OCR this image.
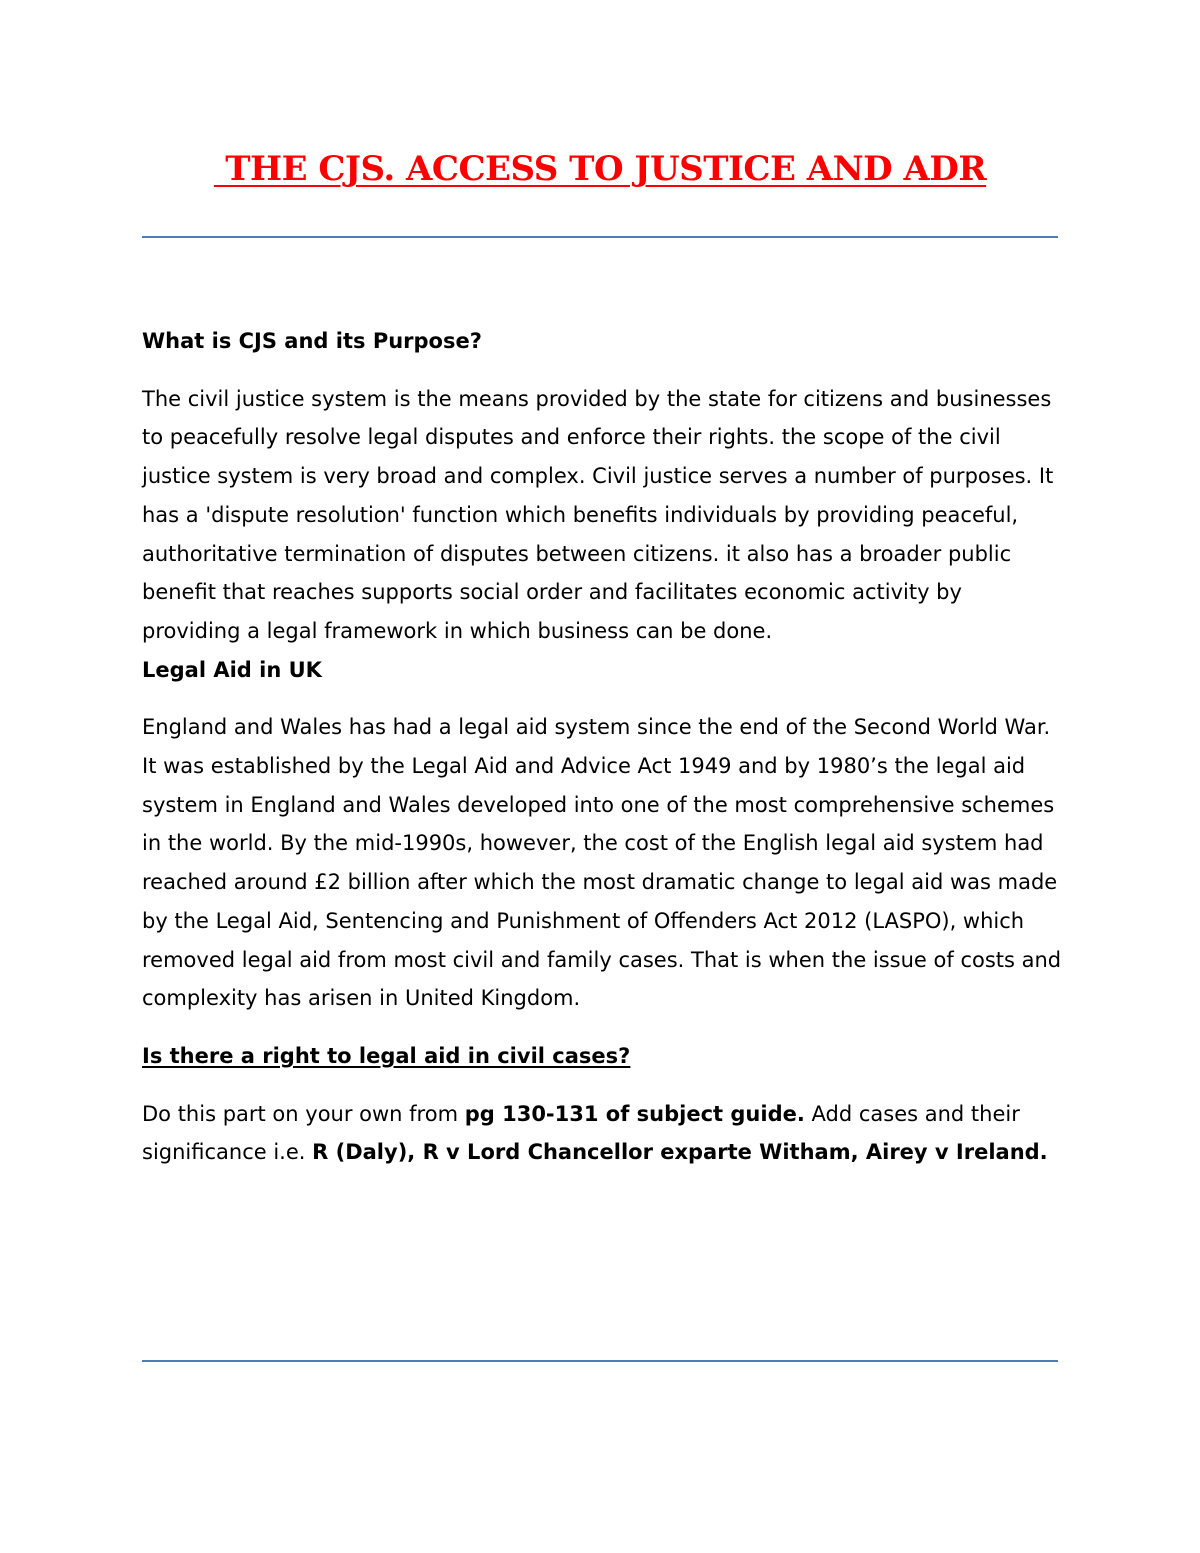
THE CJS. ACCESS TO JUSTICE AND ADR

What is CJS and its Purpose?

The civil justice system is the means provided by the state for citizens and businesses to peacefully resolve legal disputes and enforce their rights. the scope of the civil justice system is very broad and complex. Civil justice serves a number of purposes. It has a 'dispute resolution' function which benefits individuals by providing peaceful, authoritative termination of disputes between citizens. it also has a broader public benefit that reaches supports social order and facilitates economic activity by providing a legal framework in which business can be done.

Legal Aid in UK

England and Wales has had a legal aid system since the end of the Second World War. It was established by the Legal Aid and Advice Act 1949 and by 1980’s the legal aid system in England and Wales developed into one of the most comprehensive schemes in the world. By the mid-1990s, however, the cost of the English legal aid system had reached around £2 billion after which the most dramatic change to legal aid was made by the Legal Aid, Sentencing and Punishment of Offenders Act 2012 (LASPO), which removed legal aid from most civil and family cases. That is when the issue of costs and complexity has arisen in United Kingdom.

Is there a right to legal aid in civil cases?

Do this part on your own from pg 130-131 of subject guide. Add cases and their significance i.e. R (Daly), R v Lord Chancellor exparte Witham, Airey v Ireland.
